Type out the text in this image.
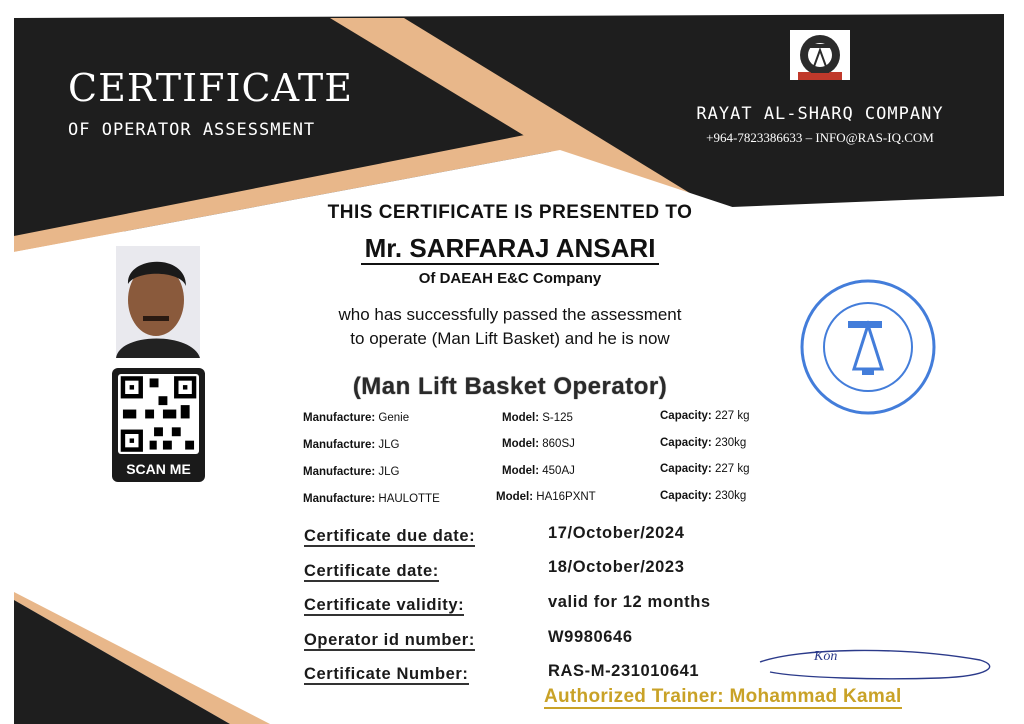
Kon
CERTIFICATE
OF OPERATOR ASSESSMENT
RAYAT AL-SHARQ COMPANY
+964-7823386633 – INFO@RAS-IQ.COM
THIS CERTIFICATE IS PRESENTED TO
Mr. SARFARAJ ANSARI
Of DAEAH E&C Company
who has successfully passed the assessment
to operate (Man Lift Basket) and he is now
(Man Lift Basket Operator)
Manufacture: Genie	Model: S-125	Capacity: 227 kg
Manufacture: JLG	Model: 860SJ	Capacity: 230kg
Manufacture: JLG	Model: 450AJ	Capacity: 227 kg
Manufacture: HAULOTTE	Model: HA16PXNT	Capacity: 230kg
Certificate due date:	17/October/2024
Certificate date:	18/October/2023
Certificate validity:	valid for 12 months
Operator id number:	W9980646
Certificate Number:	RAS-M-231010641
Authorized Trainer: Mohammad Kamal
SCAN ME
